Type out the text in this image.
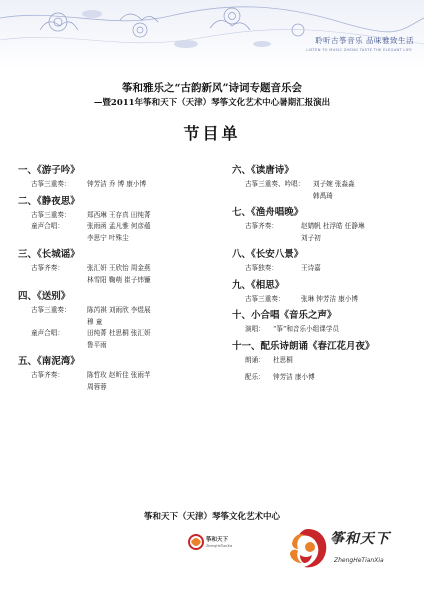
聆听古筝音乐 品味雅致生活
LISTEN TO MUSIC ZHENG TASTE THE ELEGANT LIFE
筝和雅乐之“古韵新风”诗词专题音乐会
—暨2011年筝和天下（天津）琴筝文化艺术中心暑期汇报演出
节目单
一、《游子吟》
古筝三重奏： 钟芳洁 乔 博 康小博
二、《静夜思》
古筝三重奏： 郑西琳 王存真 田纯菁
童声合唱：	张雨函 孟凡雅 何彦蕴
李思宁 叶殊尘
三、《长城谣》
古筝齐奏：	张汇妍 王欣怡 周金燕
林雪阳 鞠萌 崔子炜镰
四、《送别》
古筝三重奏： 陈芮祺 刘雨欣 李煜展
穆 童
童声合唱：	田纯菁 杜思桐 张汇妍
鲁平雨
五、《南泥湾》
古筝齐奏：	陈哲玫 赵昕佳 张雨芊
周蓉蓉
六、《读唐诗》
古筝三重奏、吟唱： 刘子婉 张淼淼
韩禹琦
七、《渔舟唱晚》
古筝齐奏：	赵婧帆 杜浮皓 任静琳
刘子初
八、《长安八景》
古筝独奏：	王诗嘉
九、《相思》
古筝三重奏： 张琳 钟芳洁 康小博
十、小合唱《音乐之声》
演唱： “筝”和音乐小组课学员
十一、配乐诗朗诵《春江花月夜》
朗诵： 杜思桐
配乐： 钟芳洁 康小博
筝和天下（天津）琴筝文化艺术中心
筝和天下
ZhengHeTianXia	筝和天下
ZhengHeTianXia
